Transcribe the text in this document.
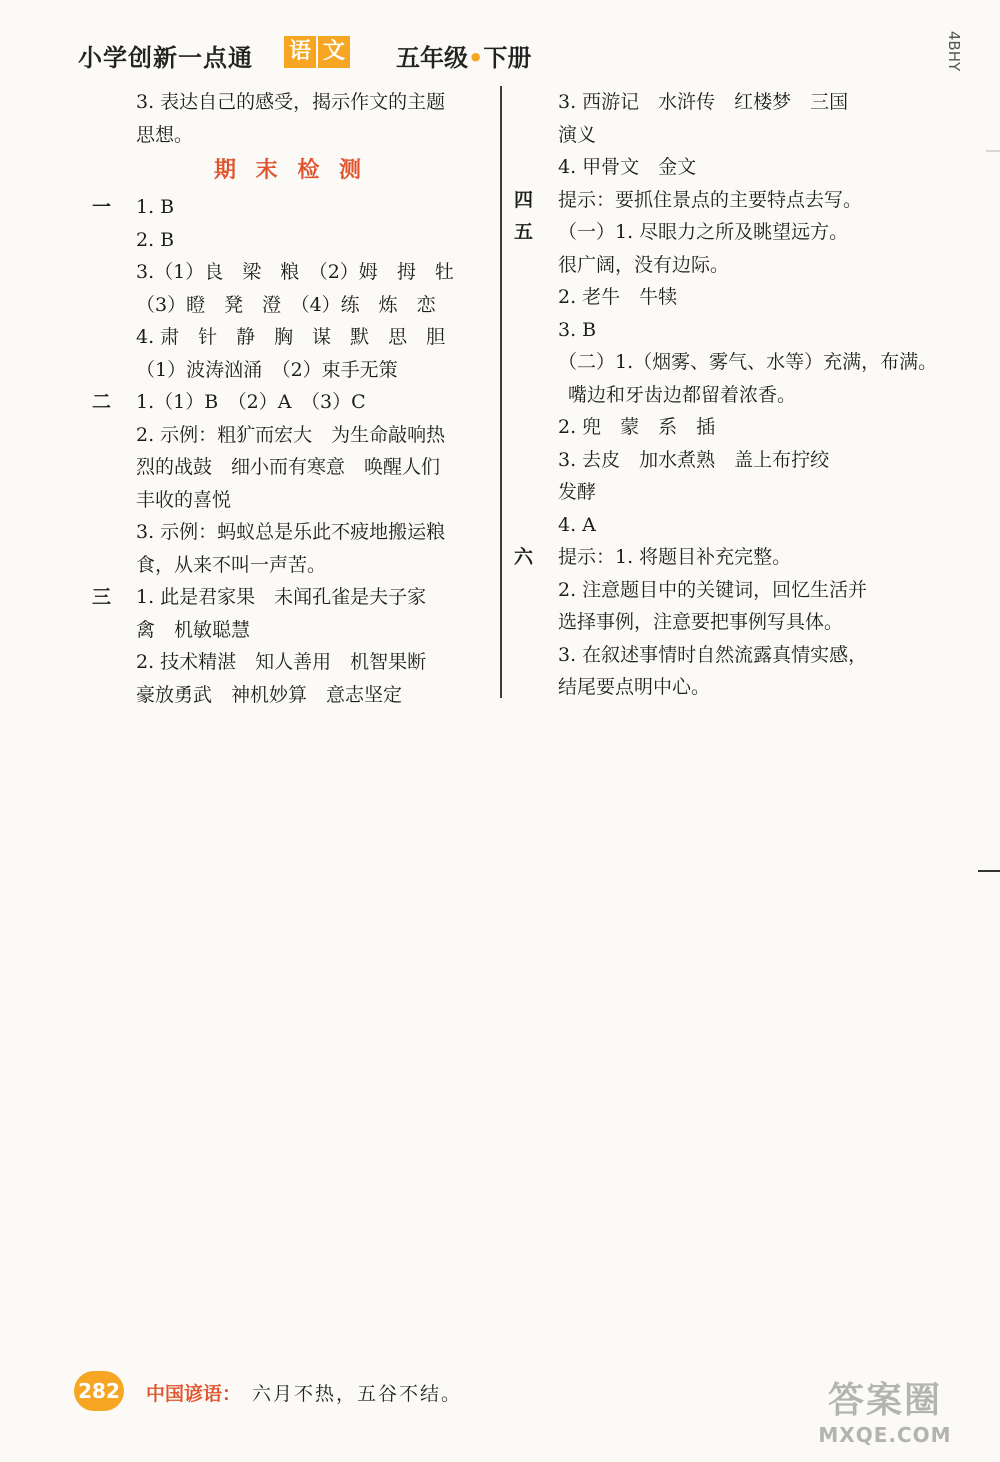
小学创新一点通 语 文 五年级•下册	4BHY
3. 表达自己的感受，揭示作文的主题
思想。
期 末 检 测
一 1. B
2. B
3.（1）良　梁　粮　（2）姆　拇　牡
（3）瞪　凳　澄　（4）练　炼　恋
4. 肃　针　静　胸　谋　默　思　胆
（1）波涛汹涌　（2）束手无策
二 1.（1）B　（2）A　（3）C
2. 示例：粗犷而宏大　为生命敲响热
烈的战鼓　细小而有寒意　唤醒人们
丰收的喜悦
3. 示例：蚂蚁总是乐此不疲地搬运粮
食，从来不叫一声苦。
三 1. 此是君家果　未闻孔雀是夫子家
禽　机敏聪慧
2. 技术精湛　知人善用　机智果断
豪放勇武　神机妙算　意志坚定
3. 西游记　水浒传　红楼梦　三国
演义
4. 甲骨文　金文
四 提示：要抓住景点的主要特点去写。
五 （一）1. 尽眼力之所及眺望远方。
很广阔，没有边际。
2. 老牛　牛犊
3. B
（二）1.（烟雾、雾气、水等）充满，布满。
嘴边和牙齿边都留着浓香。
2. 兜　蒙　系　插
3. 去皮　加水煮熟　盖上布拧绞
发酵
4. A
六 提示：1. 将题目补充完整。
2. 注意题目中的关键词，回忆生活并
选择事例，注意要把事例写具体。
3. 在叙述事情时自然流露真情实感，
结尾要点明中心。
282 中国谚语： 六月不热，五谷不结。	答案圈
MXQE.COM
